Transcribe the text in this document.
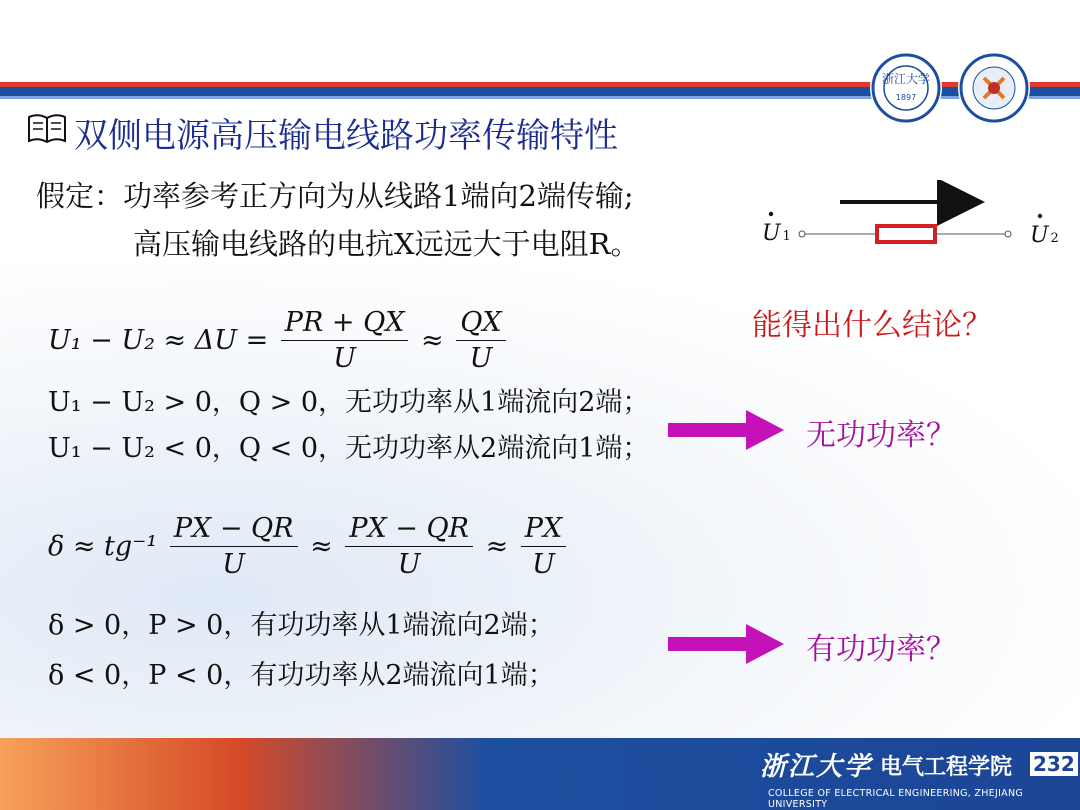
浙江大学
1897
双侧电源高压输电线路功率传输特性
假定：功率参考正方向为从线路1端向2端传输;
高压输电线路的电抗X远远大于电阻R。	U 1	U 2
能得出什么结论？
$U_1 - U_2 \approx \Delta U = \frac{PR + QX}{U} \approx \frac{QX}{U}$
U₁ − U₂ > 0，Q > 0，无功功率从1端流向2端；
U₁ − U₂ < 0，Q < 0，无功功率从2端流向1端；	无功功率？
$\delta \approx tg^{-1} \frac{PX - QR}{U} \approx \frac{PX - QR}{U} \approx \frac{PX}{U}$
δ > 0，P > 0，有功功率从1端流向2端；
δ < 0，P < 0，有功功率从2端流向1端；
有功功率？
浙江大学 电气工程学院 232
COLLEGE OF ELECTRICAL ENGINEERING, ZHEJIANG UNIVERSITY
